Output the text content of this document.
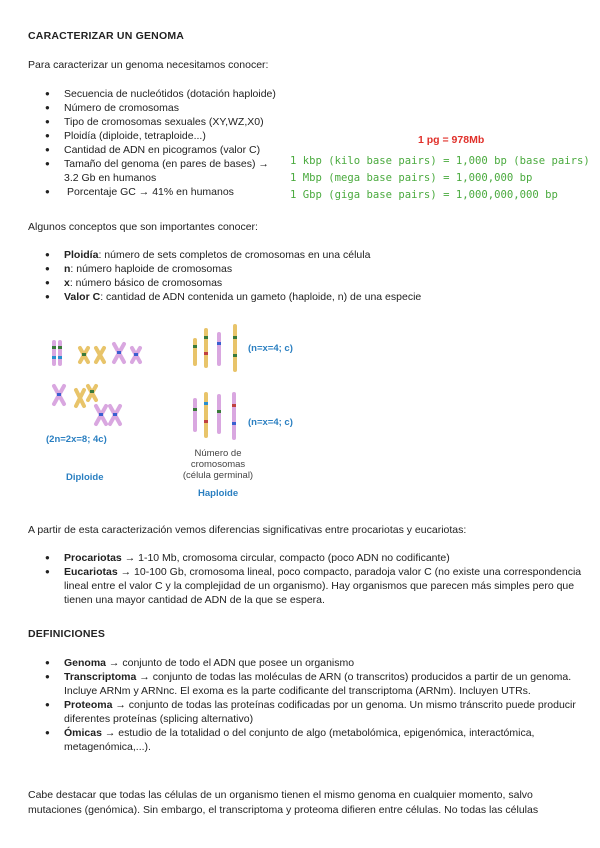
CARACTERIZAR UN GENOMA

Para caracterizar un genoma necesitamos conocer:

● Secuencia de nucleótidos (dotación haploide)
● Número de cromosomas
● Tipo de cromosomas sexuales (XY,WZ,X0)
● Ploidía (diploide, tetraploide...)
● Cantidad de ADN en picogramos (valor C)
● Tamaño del genoma (en pares de bases) →
3.2 Gb en humanos
● Porcentaje GC → 41% en humanos
1 pg = 978Mb
1 kbp (kilo base pairs) = 1,000 bp (base pairs)
1 Mbp (mega base pairs) = 1,000,000 bp
1 Gbp (giga base pairs) = 1,000,000,000 bp

Algunos conceptos que son importantes conocer:

● Ploidía: número de sets completos de cromosomas en una célula
● n: número haploide de cromosomas
● x: número básico de cromosomas
● Valor C: cantidad de ADN contenida un gameto (haploide, n) de una especie
(n=x=4; c)
(n=x=4; c)
(2n=2x=8; 4c)
Diploide
Número de
cromosomas
(célula germinal)
Haploide

A partir de esta caracterización vemos diferencias significativas entre procariotas y eucariotas:

● Procariotas → 1-10 Mb, cromosoma circular, compacto (poco ADN no codificante)
● Eucariotas → 10-100 Gb, cromosoma lineal, poco compacto, paradoja valor C (no existe una correspondencia lineal entre el valor C y la complejidad de un organismo). Hay organismos que parecen más simples pero que tienen una mayor cantidad de ADN de la que se espera.
DEFINICIONES
● Genoma → conjunto de todo el ADN que posee un organismo
● Transcriptoma → conjunto de todas las moléculas de ARN (o transcritos) producidos a partir de un genoma. Incluye ARNm y ARNnc. El exoma es la parte codificante del transcriptoma (ARNm). Incluyen UTRs.
● Proteoma → conjunto de todas las proteínas codificadas por un genoma. Un mismo tránscrito puede producir diferentes proteínas (splicing alternativo)
● Ómicas → estudio de la totalidad o del conjunto de algo (metabolómica, epigenómica, interactómica, metagenómica,...).

Cabe destacar que todas las células de un organismo tienen el mismo genoma en cualquier momento, salvo mutaciones (genómica). Sin embargo, el transcriptoma y proteoma difieren entre células. No todas las células
